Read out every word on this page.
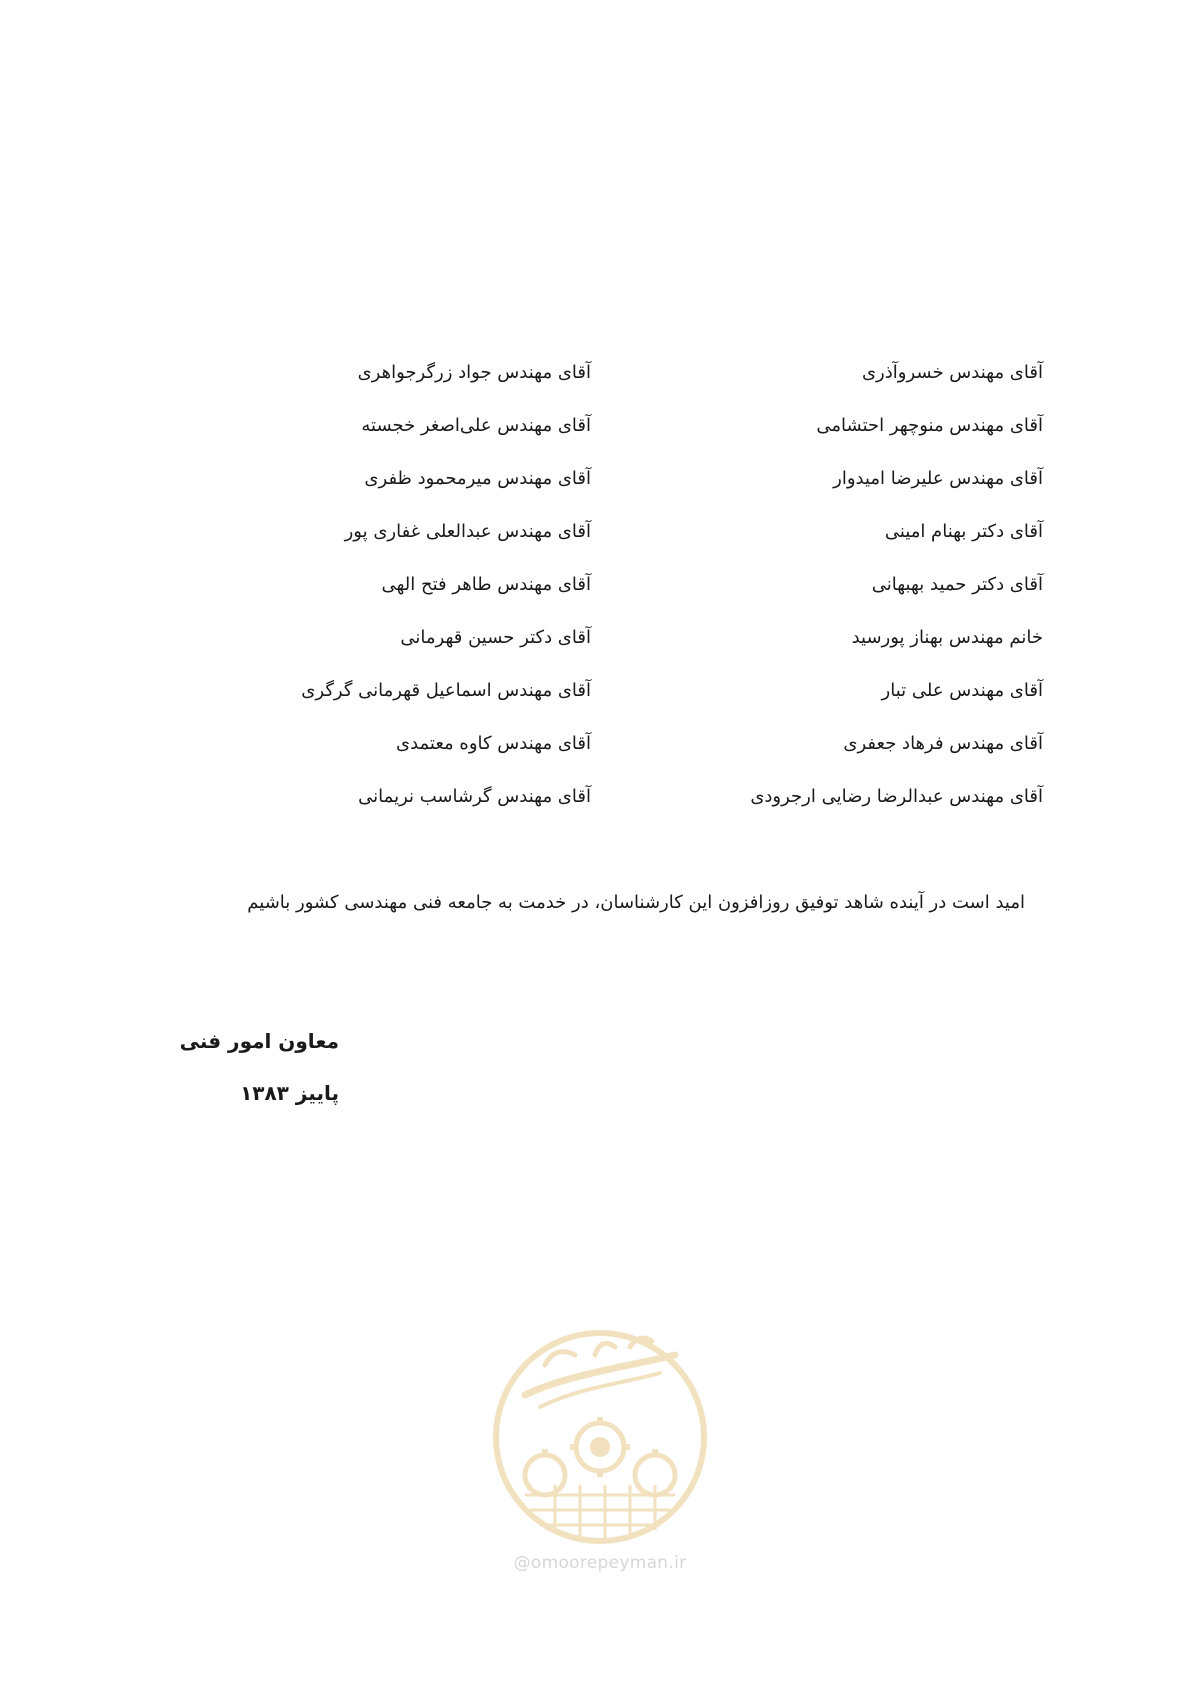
آقای مهندس خسروآذری
آقای مهندس منوچهر احتشامی
آقای مهندس علیرضا امیدوار
آقای دکتر بهنام امینی
آقای دکتر حمید بهبهانی
خانم مهندس بهناز پورسید
آقای مهندس علی تبار
آقای مهندس فرهاد جعفری
آقای مهندس عبدالرضا رضایی ارجرودی
آقای مهندس جواد زرگرجواهری
آقای مهندس علی‌اصغر خجسته
آقای مهندس میرمحمود ظفری
آقای مهندس عبدالعلی غفاری پور
آقای مهندس طاهر فتح الهی
آقای دکتر حسین قهرمانی
آقای مهندس اسماعیل قهرمانی گرگری
آقای مهندس کاوه معتمدی
آقای مهندس گرشاسب نریمانی
امید است در آینده شاهد توفیق روزافزون این کارشناسان، در خدمت به جامعه فنی مهندسی کشور باشیم
معاون امور فنی
پاییز ۱۳۸۳
@omoorepeyman.ir
